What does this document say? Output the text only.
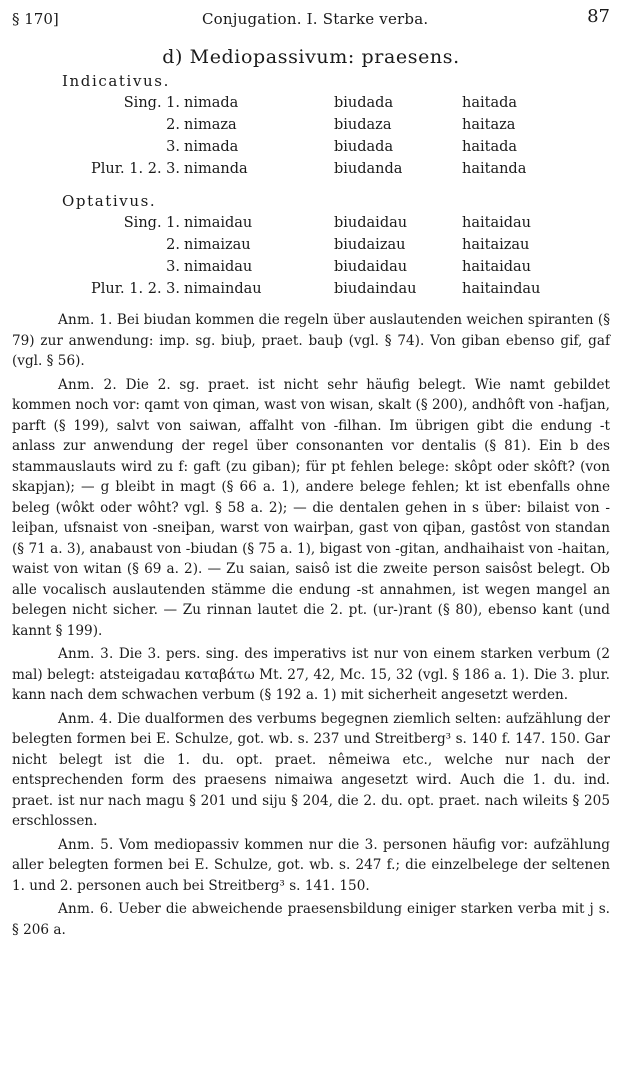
§ 170]	Conjugation. I. Starke verba.	87
d) Mediopassivum: praesens.
Indicativus.
Sing. 1.	nimada	biudada	haitada
2.	nimaza	biudaza	haitaza
3.	nimada	biudada	haitada
Plur. 1. 2. 3.	nimanda	biudanda	haitanda
Optativus.
Sing. 1.	nimaidau	biudaidau	haitaidau
2.	nimaizau	biudaizau	haitaizau
3.	nimaidau	biudaidau	haitaidau
Plur. 1. 2. 3.	nimaindau	biudaindau	haitaindau

Anm. 1. Bei biudan kommen die regeln über auslautenden weichen spiranten (§ 79) zur anwendung: imp. sg. biuþ, praet. bauþ (vgl. § 74). Von giban ebenso gif, gaf (vgl. § 56).

Anm. 2. Die 2. sg. praet. ist nicht sehr häufig belegt. Wie namt gebildet kommen noch vor: qamt von qiman, wast von wisan, skalt (§ 200), andhôft von -hafjan, parft (§ 199), salvt von saiwan, affalht von -filhan. Im übrigen gibt die endung -t anlass zur anwendung der regel über consonanten vor dentalis (§ 81). Ein b des stammauslauts wird zu f: gaft (zu giban); für pt fehlen belege: skôpt oder skôft? (von skapjan); — g bleibt in magt (§ 66 a. 1), andere belege fehlen; kt ist ebenfalls ohne beleg (wôkt oder wôht? vgl. § 58 a. 2); — die dentalen gehen in s über: bilaist von -leiþan, ufsnaist von -sneiþan, warst von wairþan, gast von qiþan, gastôst von standan (§ 71 a. 3), anabaust von -biudan (§ 75 a. 1), bigast von -gitan, andhaihaist von -haitan, waist von witan (§ 69 a. 2). — Zu saian, saisô ist die zweite person saisôst belegt. Ob alle vocalisch auslautenden stämme die endung -st annahmen, ist wegen mangel an belegen nicht sicher. — Zu rinnan lautet die 2. pt. (ur-)rant (§ 80), ebenso kant (und kannt § 199).

Anm. 3. Die 3. pers. sing. des imperativs ist nur von einem starken verbum (2 mal) belegt: atsteigadau καταβάτω Mt. 27, 42, Mc. 15, 32 (vgl. § 186 a. 1). Die 3. plur. kann nach dem schwachen verbum (§ 192 a. 1) mit sicherheit angesetzt werden.

Anm. 4. Die dualformen des verbums begegnen ziemlich selten: aufzählung der belegten formen bei E. Schulze, got. wb. s. 237 und Streitberg³ s. 140 f. 147. 150. Gar nicht belegt ist die 1. du. opt. praet. nêmeiwa etc., welche nur nach der entsprechenden form des praesens nimaiwa angesetzt wird. Auch die 1. du. ind. praet. ist nur nach magu § 201 und siju § 204, die 2. du. opt. praet. nach wileits § 205 erschlossen.

Anm. 5. Vom mediopassiv kommen nur die 3. personen häufig vor: aufzählung aller belegten formen bei E. Schulze, got. wb. s. 247 f.; die einzelbelege der seltenen 1. und 2. personen auch bei Streitberg³ s. 141. 150.

Anm. 6. Ueber die abweichende praesensbildung einiger starken verba mit j s. § 206 a.
